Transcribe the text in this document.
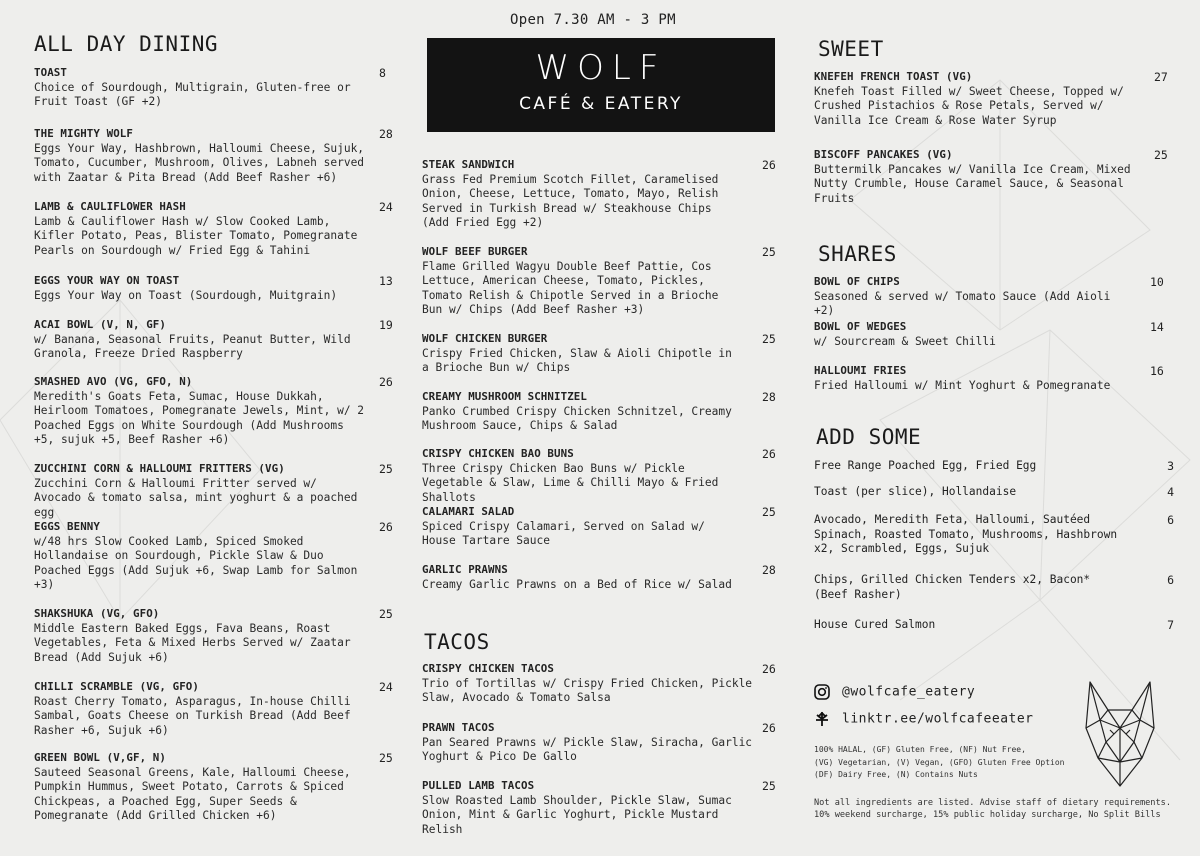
Open 7.30 AM - 3 PM
ALL DAY DINING
TOAST
Choice of Sourdough, Multigrain, Gluten-free or Fruit Toast (GF +2)
8
THE MIGHTY WOLF
Eggs Your Way, Hashbrown, Halloumi Cheese, Sujuk, Tomato, Cucumber, Mushroom, Olives, Labneh served with Zaatar & Pita Bread (Add Beef Rasher +6)
28
LAMB & CAULIFLOWER HASH
Lamb & Cauliflower Hash w/ Slow Cooked Lamb, Kifler Potato, Peas, Blister Tomato, Pomegranate Pearls on Sourdough w/ Fried Egg & Tahini
24
EGGS YOUR WAY ON TOAST
Eggs Your Way on Toast (Sourdough, Muitgrain)
13
ACAI BOWL (V, N, GF)
w/ Banana, Seasonal Fruits, Peanut Butter, Wild Granola, Freeze Dried Raspberry
19
SMASHED AVO (VG, GFO, N)
Meredith's Goats Feta, Sumac, House Dukkah, Heirloom Tomatoes, Pomegranate Jewels, Mint, w/ 2 Poached Eggs on White Sourdough (Add Mushrooms +5, sujuk +5, Beef Rasher +6)
26
ZUCCHINI CORN & HALLOUMI FRITTERS (VG)
Zucchini Corn & Halloumi Fritter served w/ Avocado & tomato salsa, mint yoghurt & a poached egg
25
EGGS BENNY
w/48 hrs Slow Cooked Lamb, Spiced Smoked Hollandaise on Sourdough, Pickle Slaw & Duo Poached Eggs (Add Sujuk +6, Swap Lamb for Salmon +3)
26
SHAKSHUKA (VG, GFO)
Middle Eastern Baked Eggs, Fava Beans, Roast Vegetables, Feta & Mixed Herbs Served w/ Zaatar Bread (Add Sujuk +6)
25
CHILLI SCRAMBLE (VG, GFO)
Roast Cherry Tomato, Asparagus, In-house Chilli Sambal, Goats Cheese on Turkish Bread (Add Beef Rasher +6, Sujuk +6)
24
GREEN BOWL (V,GF, N)
Sauteed Seasonal Greens, Kale, Halloumi Cheese, Pumpkin Hummus, Sweet Potato, Carrots & Spiced Chickpeas, a Poached Egg, Super Seeds & Pomegranate (Add Grilled Chicken +6)
25
WOLF
CAFÉ & EATERY
STEAK SANDWICH
Grass Fed Premium Scotch Fillet, Caramelised Onion, Cheese, Lettuce, Tomato, Mayo, Relish Served in Turkish Bread w/ Steakhouse Chips (Add Fried Egg +2)
26
WOLF BEEF BURGER
Flame Grilled Wagyu Double Beef Pattie, Cos Lettuce, American Cheese, Tomato, Pickles, Tomato Relish & Chipotle Served in a Brioche Bun w/ Chips (Add Beef Rasher +3)
25
WOLF CHICKEN BURGER
Crispy Fried Chicken, Slaw & Aioli Chipotle in a Brioche Bun w/ Chips
25
CREAMY MUSHROOM SCHNITZEL
Panko Crumbed Crispy Chicken Schnitzel, Creamy Mushroom Sauce, Chips & Salad
28
CRISPY CHICKEN BAO BUNS
Three Crispy Chicken Bao Buns w/ Pickle Vegetable & Slaw, Lime & Chilli Mayo & Fried Shallots
26
CALAMARI SALAD
Spiced Crispy Calamari, Served on Salad w/ House Tartare Sauce
25
GARLIC PRAWNS
Creamy Garlic Prawns on a Bed of Rice w/ Salad
28
TACOS
CRISPY CHICKEN TACOS
Trio of Tortillas w/ Crispy Fried Chicken, Pickle Slaw, Avocado & Tomato Salsa
26
PRAWN TACOS
Pan Seared Prawns w/ Pickle Slaw, Siracha, Garlic Yoghurt & Pico De Gallo
26
PULLED LAMB TACOS
Slow Roasted Lamb Shoulder, Pickle Slaw, Sumac Onion, Mint & Garlic Yoghurt, Pickle Mustard Relish
25
SWEET
KNEFEH FRENCH TOAST (VG)
Knefeh Toast Filled w/ Sweet Cheese, Topped w/ Crushed Pistachios & Rose Petals, Served w/ Vanilla Ice Cream & Rose Water Syrup
27
BISCOFF PANCAKES (VG)
Buttermilk Pancakes w/ Vanilla Ice Cream, Mixed Nutty Crumble, House Caramel Sauce, & Seasonal Fruits
25
SHARES
BOWL OF CHIPS
Seasoned & served w/ Tomato Sauce (Add Aioli +2)
10
BOWL OF WEDGES
w/ Sourcream & Sweet Chilli
14
HALLOUMI FRIES
Fried Halloumi w/ Mint Yoghurt & Pomegranate
16
ADD SOME
Free Range Poached Egg, Fried Egg	3
Toast (per slice), Hollandaise	4
Avocado, Meredith Feta, Halloumi, Sautéed Spinach, Roasted Tomato, Mushrooms, Hashbrown x2, Scrambled, Eggs, Sujuk
6
Chips, Grilled Chicken Tenders x2, Bacon* (Beef Rasher)
6
House Cured Salmon	7
@wolfcafe_eatery
linktr.ee/wolfcafeeater
100% HALAL, (GF) Gluten Free, (NF) Nut Free,
(VG) Vegetarian, (V) Vegan, (GFO) Gluten Free Option
(DF) Dairy Free, (N) Contains Nuts
Not all ingredients are listed. Advise staff of dietary requirements.
10% weekend surcharge, 15% public holiday surcharge, No Split Bills
